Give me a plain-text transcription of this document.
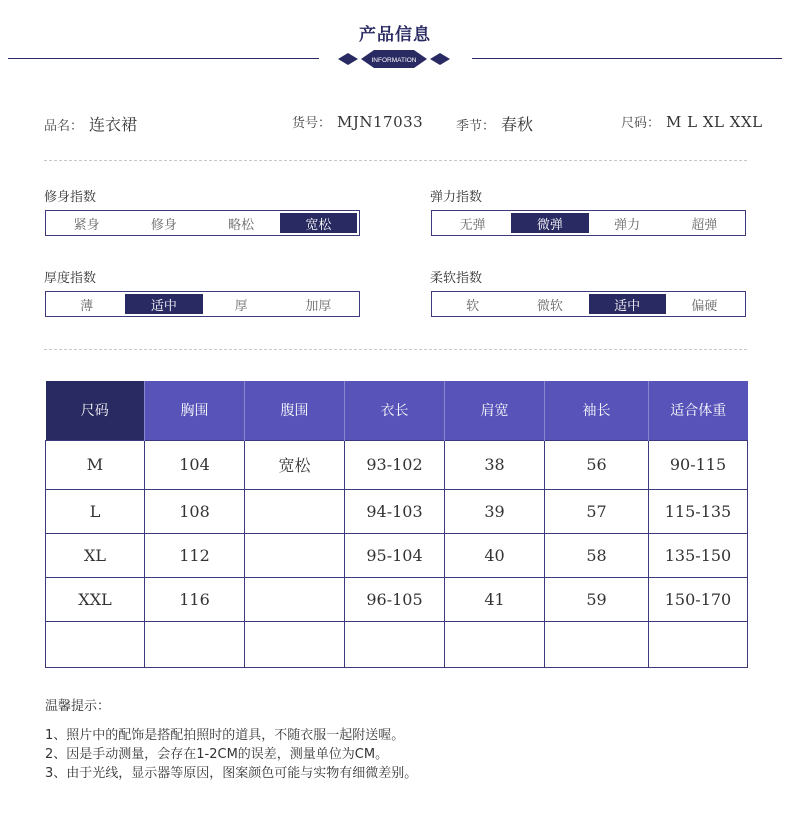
产品信息
INFORMATION
品名： 连衣裙	货号： MJN17033	季节： 春秋	尺码： M L XL XXL
修身指数
紧身	修身	略松	宽松
弹力指数
无弹	微弹	弹力	超弹
厚度指数
薄	适中	厚	加厚
柔软指数
软	微软	适中	偏硬
尺码	胸围	腹围	衣长	肩宽	袖长	适合体重
M	104	宽松	93-102	38	56	90-115
L	108		94-103	39	57	115-135
XL	112		95-104	40	58	135-150
XXL	116		96-105	41	59	150-170

温馨提示：
1、照片中的配饰是搭配拍照时的道具，不随衣服一起附送喔。
2、因是手动测量，会存在1-2CM的误差，测量单位为CM。
3、由于光线，显示器等原因，图案颜色可能与实物有细微差别。
